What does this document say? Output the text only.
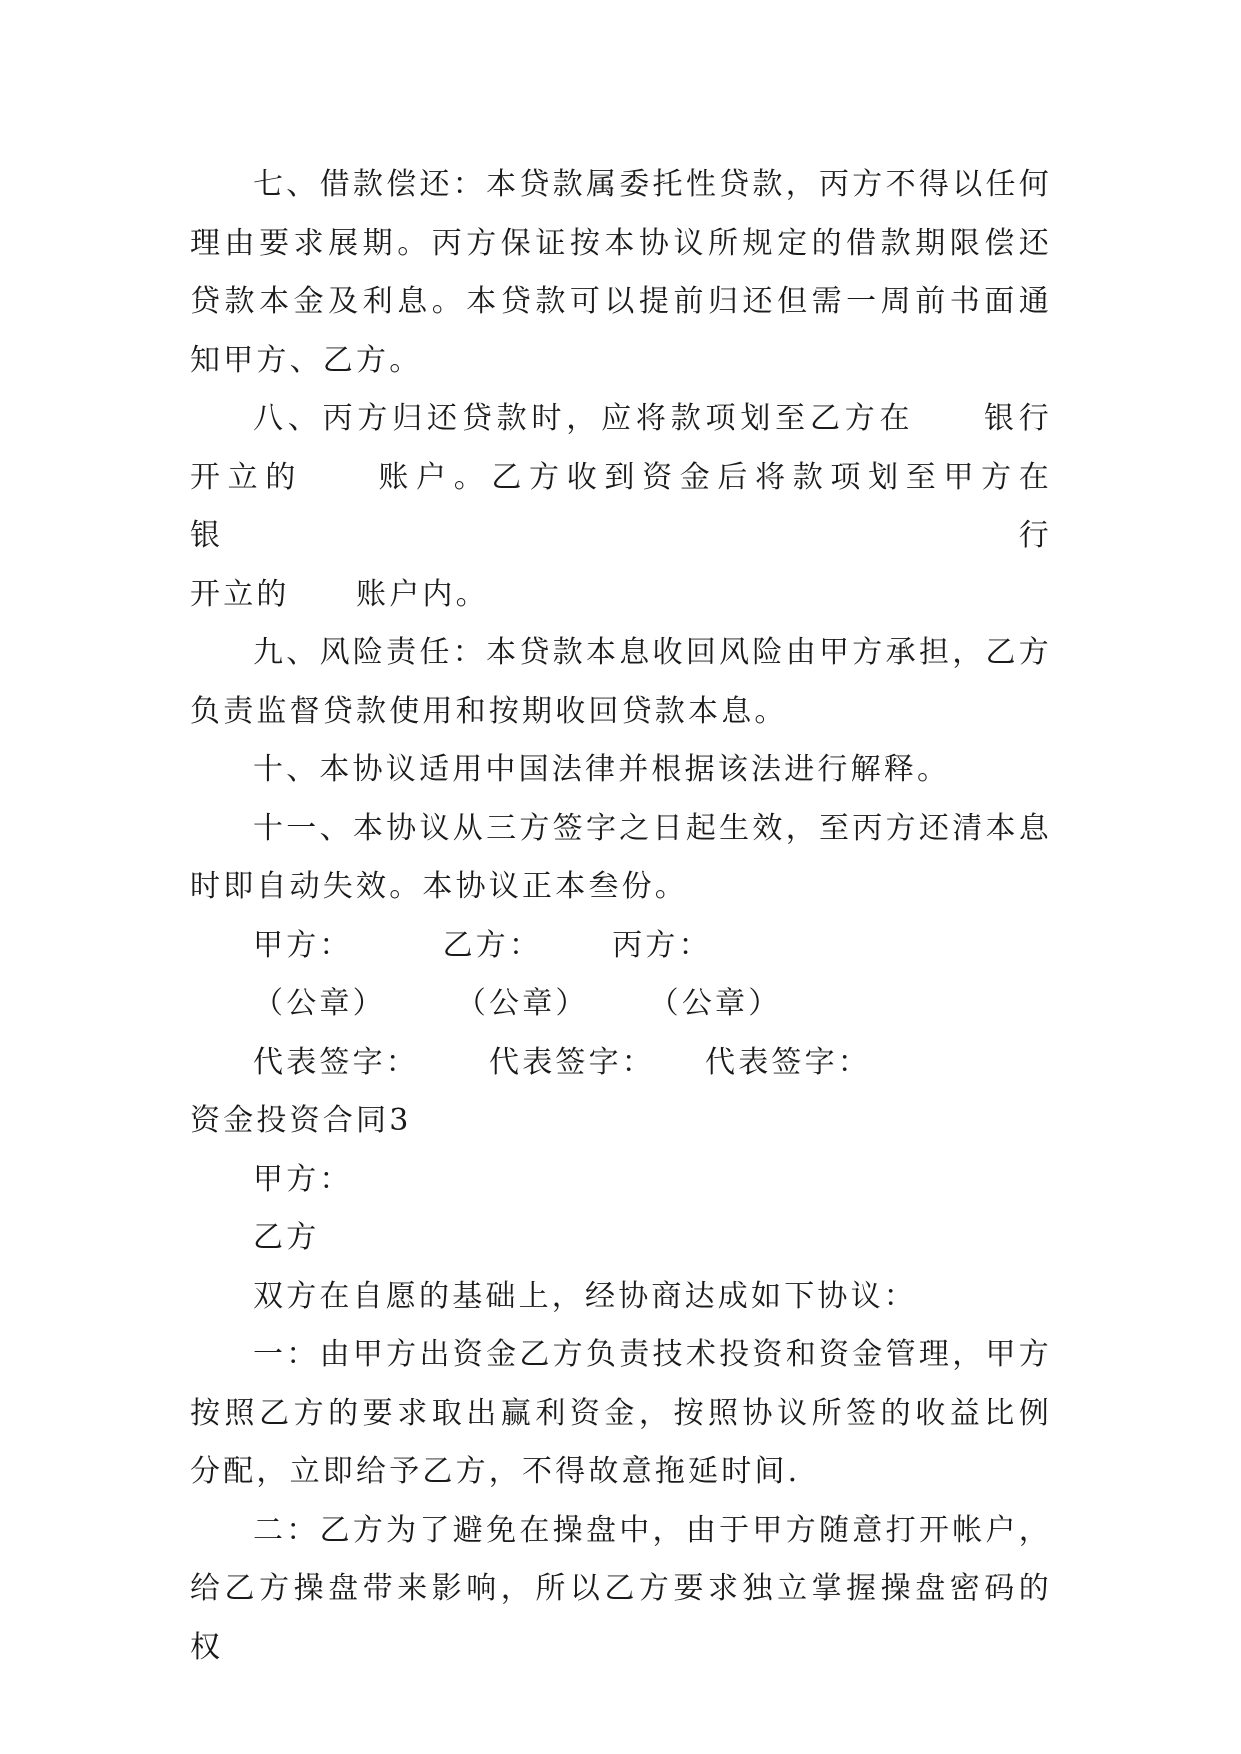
七、借款偿还：本贷款属委托性贷款，丙方不得以任何理由要求展期。丙方保证按本协议所规定的借款期限偿还贷款本金及利息。本贷款可以提前归还但需一周前书面通知甲方、乙方。

八、丙方归还贷款时，应将款项划至乙方在　　银行

开立的　　账户。乙方收到资金后将款项划至甲方在　　银行

开立的　　账户内。

九、风险责任：本贷款本息收回风险由甲方承担，乙方负责监督贷款使用和按期收回贷款本息。

十、本协议适用中国法律并根据该法进行解释。

十一、本协议从三方签字之日起生效，至丙方还清本息时即自动失效。本协议正本叁份。

甲方：	乙方： 丙方：
（公章） （公章） （公章）
代表签字： 代表签字： 代表签字：

资金投资合同3

甲方：

乙方

双方在自愿的基础上，经协商达成如下协议：

一：由甲方出资金乙方负责技术投资和资金管理，甲方按照乙方的要求取出赢利资金，按照协议所签的收益比例分配，立即给予乙方，不得故意拖延时间.

二：乙方为了避免在操盘中，由于甲方随意打开帐户，给乙方操盘带来影响，所以乙方要求独立掌握操盘密码的权
